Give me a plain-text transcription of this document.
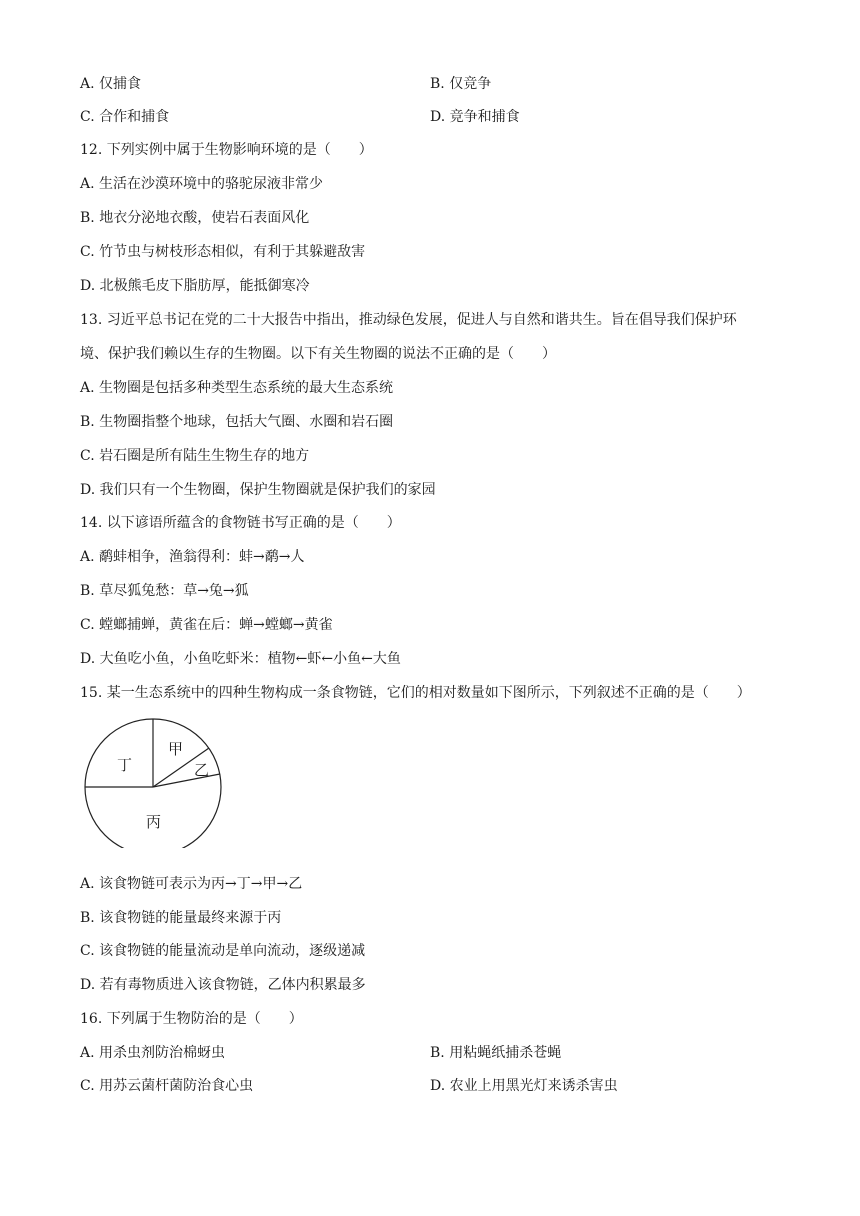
A. 仅捕食	B. 仅竞争
C. 合作和捕食	D. 竞争和捕食
12. 下列实例中属于生物影响环境的是（　　）
A. 生活在沙漠环境中的骆驼尿液非常少
B. 地衣分泌地衣酸，使岩石表面风化
C. 竹节虫与树枝形态相似，有利于其躲避敌害
D. 北极熊毛皮下脂肪厚，能抵御寒冷
13. 习近平总书记在党的二十大报告中指出，推动绿色发展，促进人与自然和谐共生。旨在倡导我们保护环
境、保护我们赖以生存的生物圈。以下有关生物圈的说法不正确的是（　　）
A. 生物圈是包括多种类型生态系统的最大生态系统
B. 生物圈指整个地球，包括大气圈、水圈和岩石圈
C. 岩石圈是所有陆生生物生存的地方
D. 我们只有一个生物圈，保护生物圈就是保护我们的家园
14. 以下谚语所蕴含的食物链书写正确的是（　　）
A. 鹬蚌相争，渔翁得利：蚌→鹬→人
B. 草尽狐兔愁：草→兔→狐
C. 螳螂捕蝉，黄雀在后：蝉→螳螂→黄雀
D. 大鱼吃小鱼，小鱼吃虾米：植物←虾←小鱼←大鱼
15. 某一生态系统中的四种生物构成一条食物链，它们的相对数量如下图所示，下列叙述不正确的是（　　）
甲
乙
丙
丁
A. 该食物链可表示为丙→丁→甲→乙
B. 该食物链的能量最终来源于丙
C. 该食物链的能量流动是单向流动，逐级递减
D. 若有毒物质进入该食物链，乙体内积累最多
16. 下列属于生物防治的是（　　）
A. 用杀虫剂防治棉蚜虫	B. 用粘蝇纸捕杀苍蝇
C. 用苏云菌杆菌防治食心虫	D. 农业上用黑光灯来诱杀害虫
